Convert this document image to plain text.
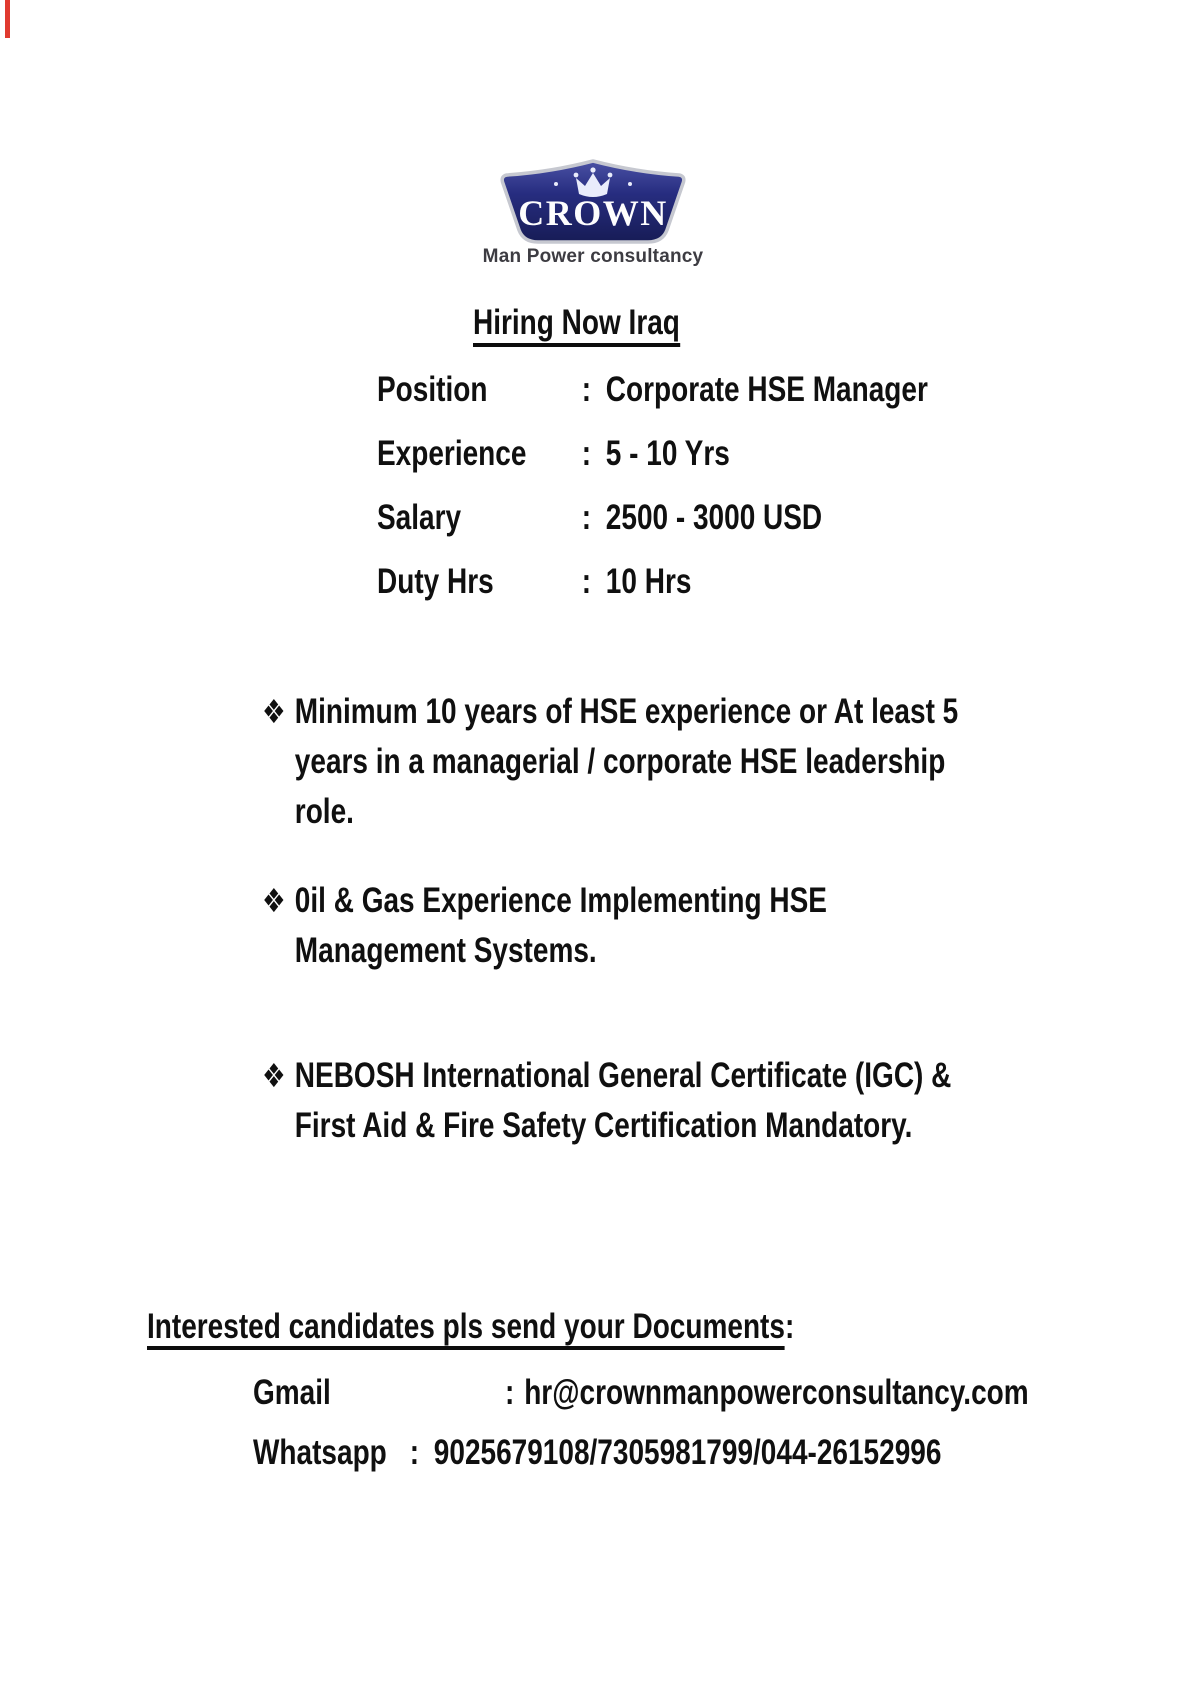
CROWN
Man Power consultancy
Hiring Now Iraq
Position	: Corporate HSE Manager
Experience	: 5 - 10 Yrs
Salary	: 2500 - 3000 USD
Duty Hrs	: 10 Hrs
❖ Minimum 10 years of HSE experience or At least 5
years in a managerial / corporate HSE leadership
role.
❖ 0il & Gas Experience Implementing HSE
Management Systems.
❖ NEBOSH International General Certificate (IGC) &
First Aid & Fire Safety Certification Mandatory.
Interested candidates pls send your Documents:
Gmail	: hr@crownmanpowerconsultancy.com
Whatsapp : 9025679108/7305981799/044-26152996
